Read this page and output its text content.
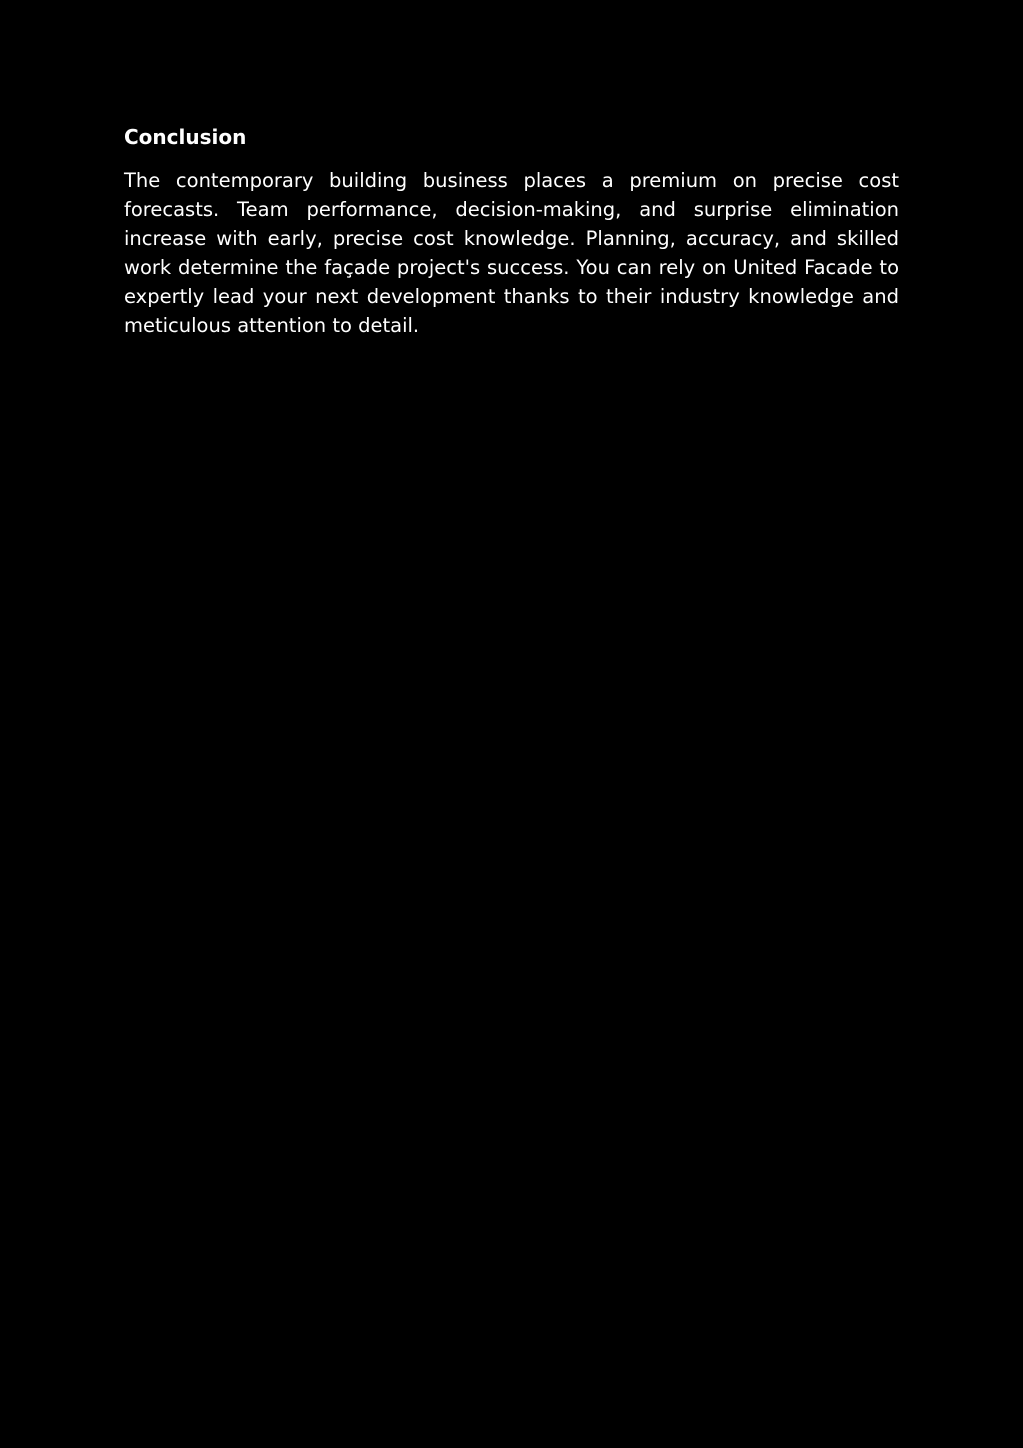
Conclusion

The contemporary building business places a premium on precise cost forecasts. Team performance, decision-making, and surprise elimination increase with early, precise cost knowledge. Planning, accuracy, and skilled work determine the façade project's success. You can rely on United Facade to expertly lead your next development thanks to their industry knowledge and meticulous attention to detail.
